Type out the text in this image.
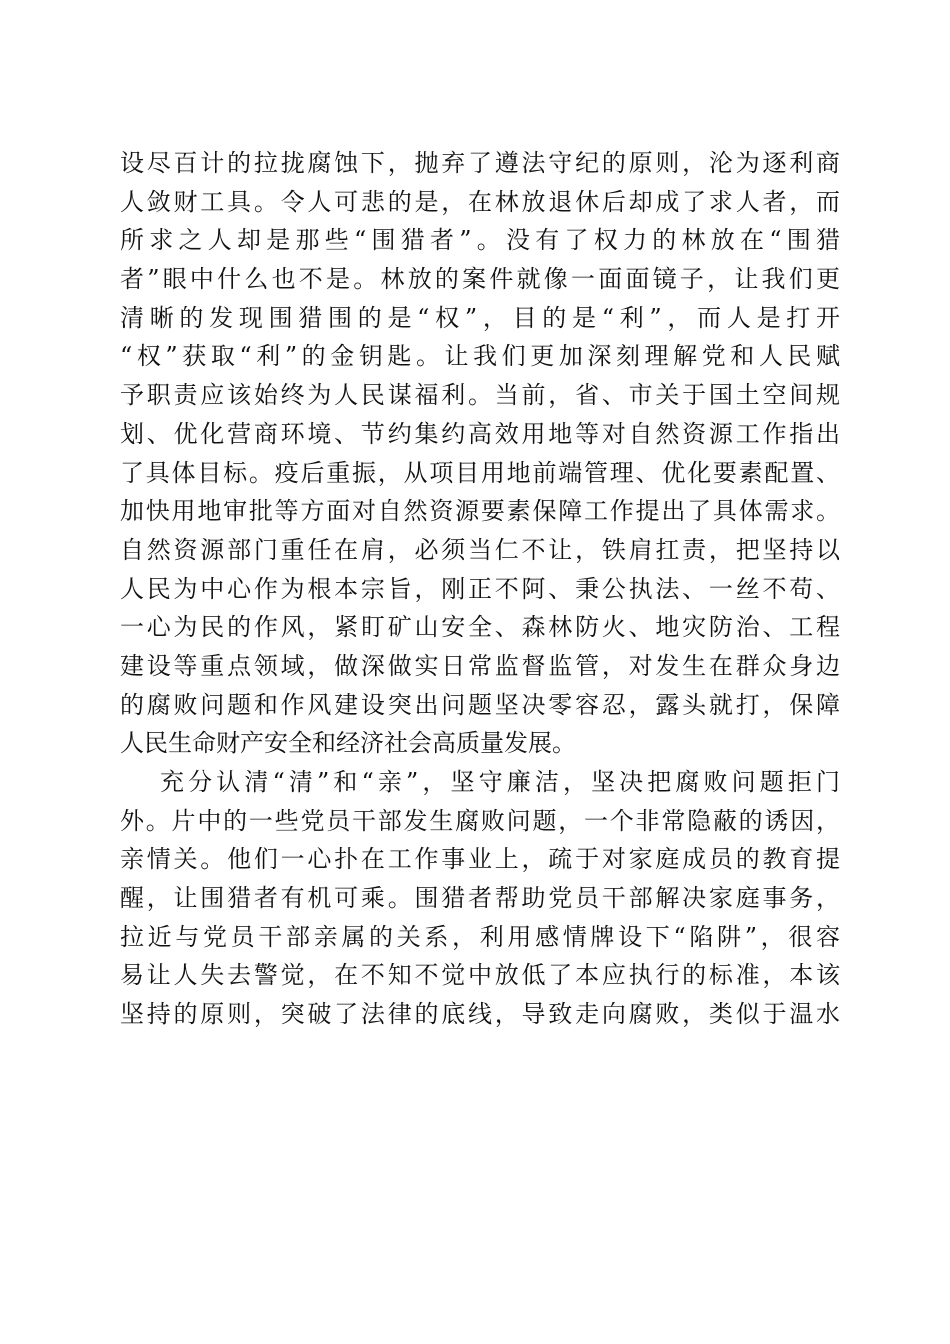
设尽百计的拉拢腐蚀下，抛弃了遵法守纪的原则，沦为逐利商
人敛财工具。令人可悲的是，在林放退休后却成了求人者，而
所求之人却是那些“围猎者”。没有了权力的林放在“围猎
者”眼中什么也不是。林放的案件就像一面面镜子，让我们更
清晰的发现围猎围的是“权”，目的是“利”，而人是打开
“权”获取“利”的金钥匙。让我们更加深刻理解党和人民赋
予职责应该始终为人民谋福利。当前，省、市关于国土空间规
划、优化营商环境、节约集约高效用地等对自然资源工作指出
了具体目标。疫后重振，从项目用地前端管理、优化要素配置、
加快用地审批等方面对自然资源要素保障工作提出了具体需求。
自然资源部门重任在肩，必须当仁不让，铁肩扛责，把坚持以
人民为中心作为根本宗旨，刚正不阿、秉公执法、一丝不苟、
一心为民的作风，紧盯矿山安全、森林防火、地灾防治、工程
建设等重点领域，做深做实日常监督监管，对发生在群众身边
的腐败问题和作风建设突出问题坚决零容忍，露头就打，保障
人民生命财产安全和经济社会高质量发展。
充分认清“清”和“亲”，坚守廉洁，坚决把腐败问题拒门
外。片中的一些党员干部发生腐败问题，一个非常隐蔽的诱因，
亲情关。他们一心扑在工作事业上，疏于对家庭成员的教育提
醒，让围猎者有机可乘。围猎者帮助党员干部解决家庭事务，
拉近与党员干部亲属的关系，利用感情牌设下“陷阱”，很容
易让人失去警觉，在不知不觉中放低了本应执行的标准，本该
坚持的原则，突破了法律的底线，导致走向腐败，类似于温水
